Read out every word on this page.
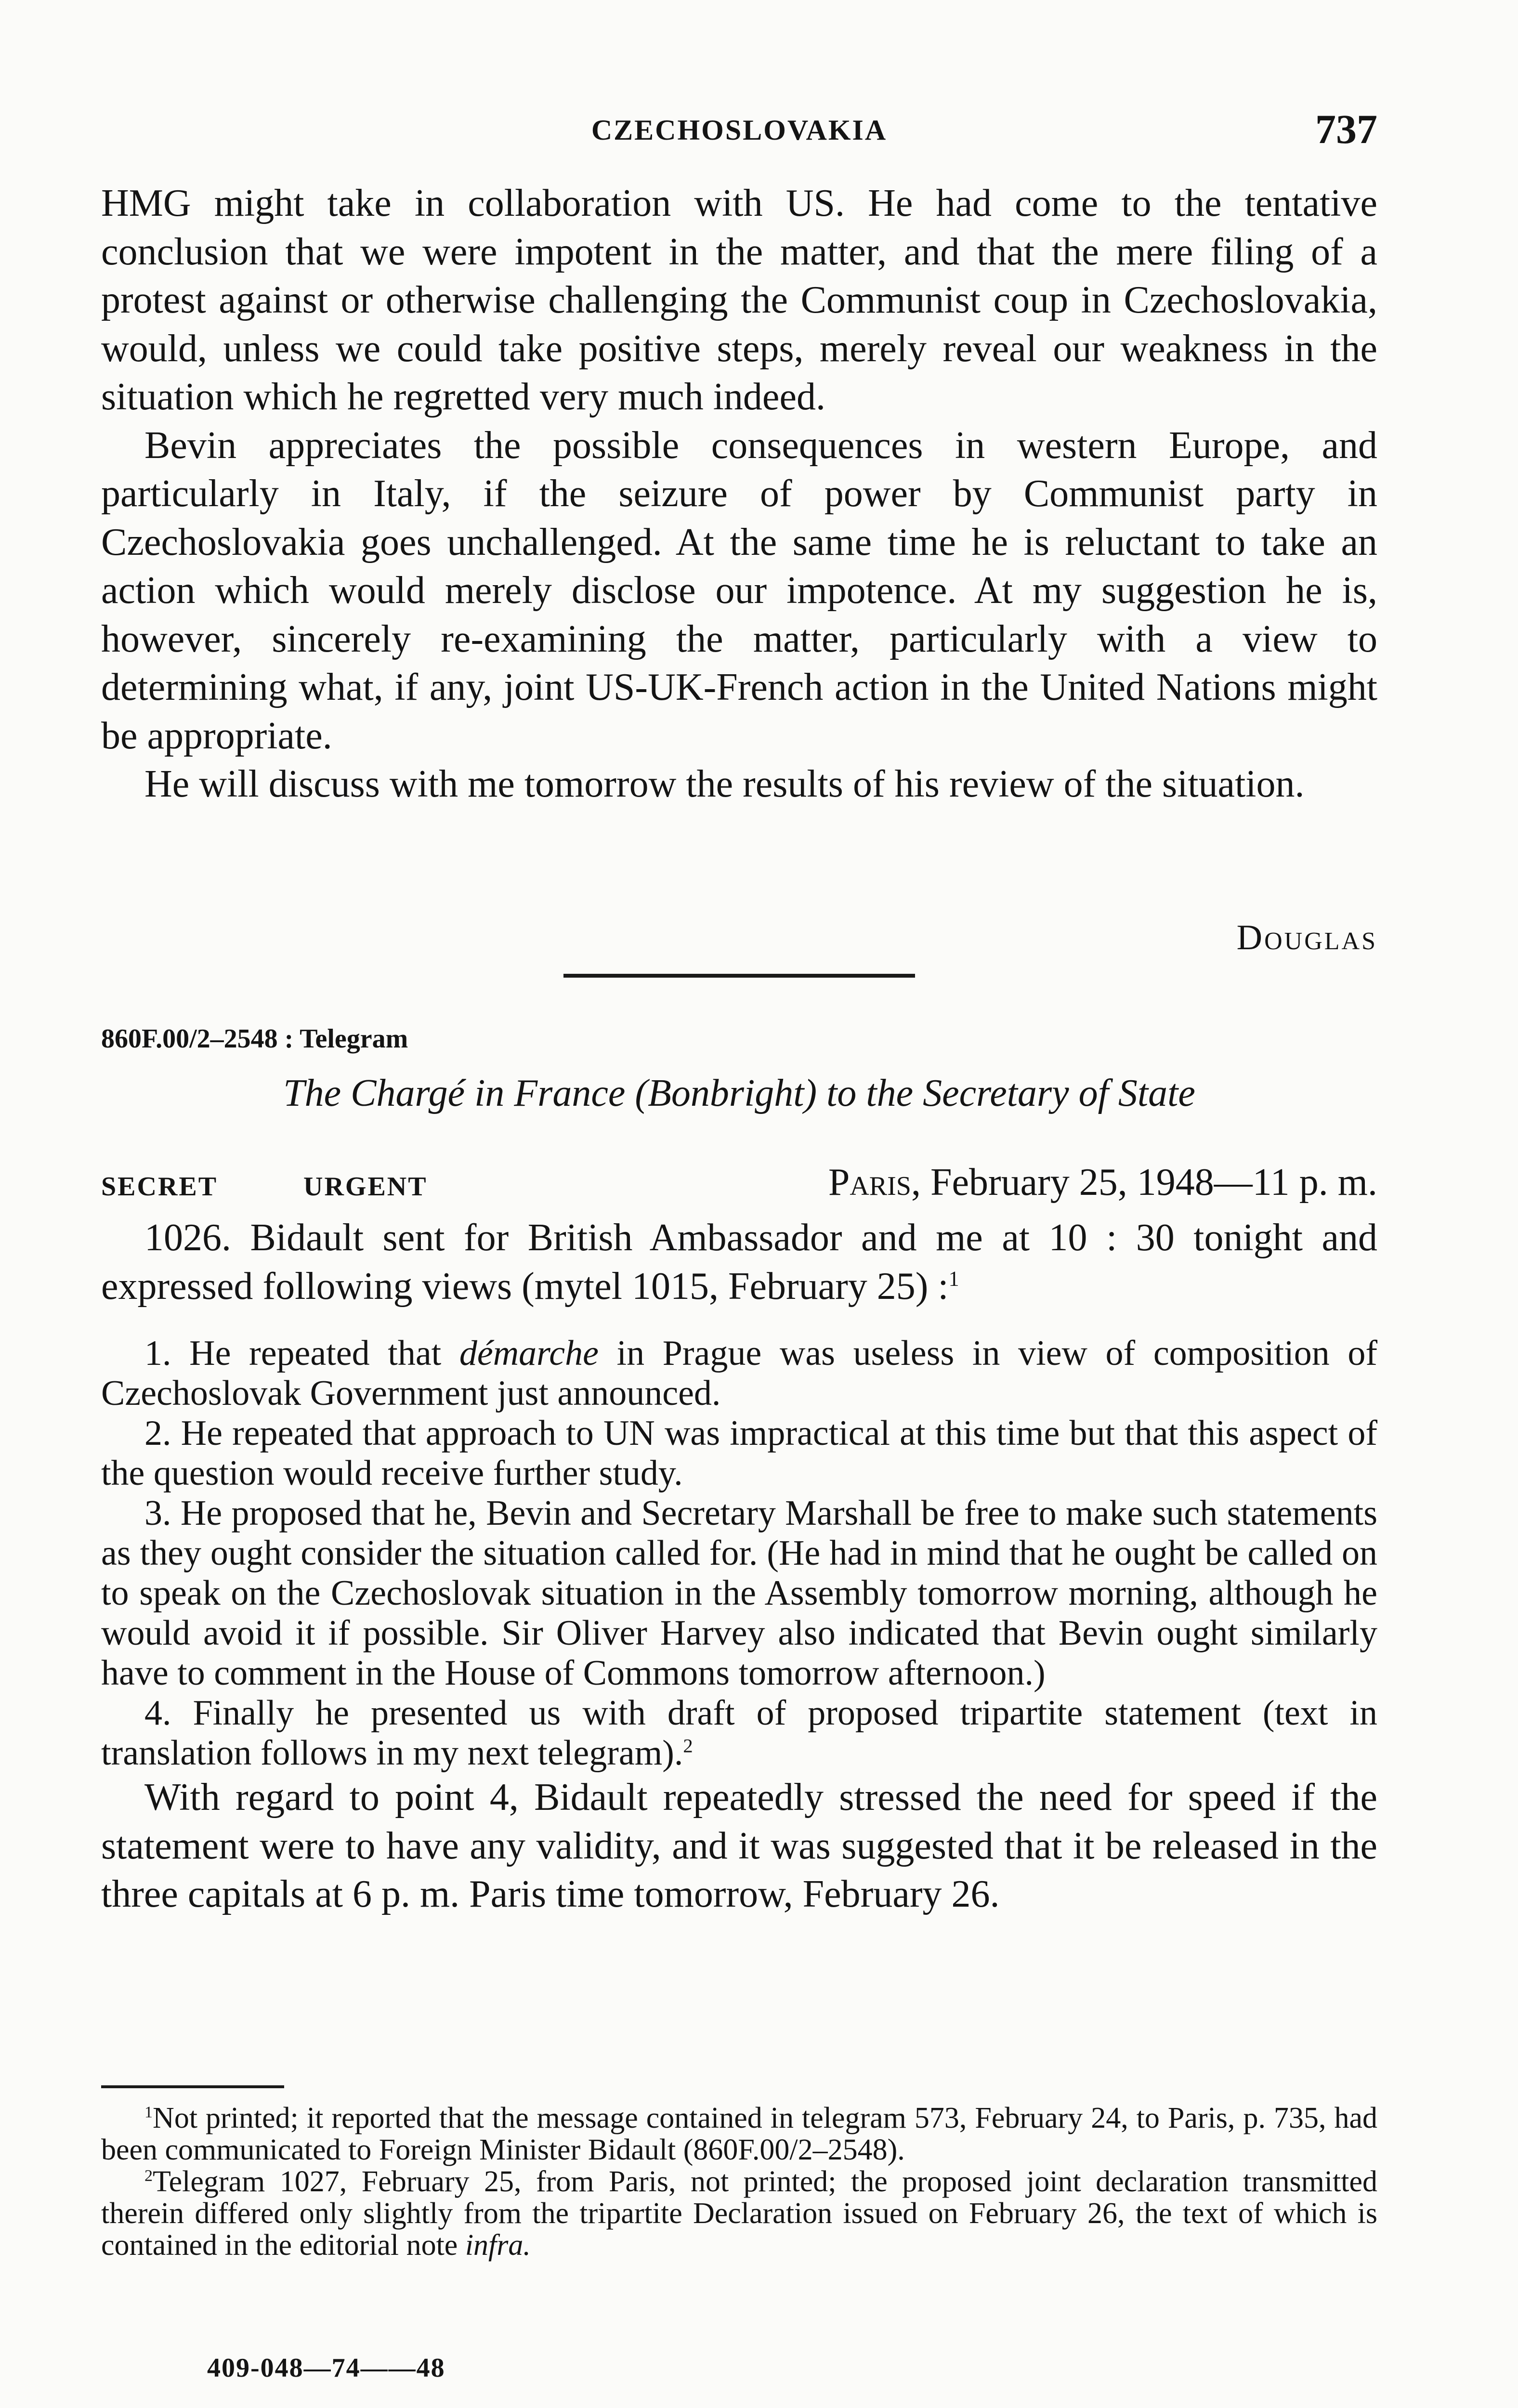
CZECHOSLOVAKIA	737

HMG might take in collaboration with US. He had come to the tentative conclusion that we were impotent in the matter, and that the mere filing of a protest against or otherwise challenging the Communist coup in Czechoslovakia, would, unless we could take positive steps, merely reveal our weakness in the situation which he regretted very much indeed.

Bevin appreciates the possible consequences in western Europe, and particularly in Italy, if the seizure of power by Communist party in Czechoslovakia goes unchallenged. At the same time he is reluctant to take an action which would merely disclose our impotence. At my suggestion he is, however, sincerely re-examining the matter, particularly with a view to determining what, if any, joint US-UK-French action in the United Nations might be appropriate.

He will discuss with me tomorrow the results of his review of the situation.

Douglas
860F.00/2–2548 : Telegram
The Chargé in France (Bonbright) to the Secretary of State
SECRET	URGENT	Paris, February 25, 1948—11 p. m.

1026. Bidault sent for British Ambassador and me at 10 : 30 tonight and expressed following views (mytel 1015, February 25) :$^1$

1. He repeated that démarche in Prague was useless in view of composition of Czechoslovak Government just announced.

2. He repeated that approach to UN was impractical at this time but that this aspect of the question would receive further study.

3. He proposed that he, Bevin and Secretary Marshall be free to make such statements as they ought consider the situation called for. (He had in mind that he ought be called on to speak on the Czechoslovak situation in the Assembly tomorrow morning, although he would avoid it if possible. Sir Oliver Harvey also indicated that Bevin ought similarly have to comment in the House of Commons tomorrow afternoon.)

4. Finally he presented us with draft of proposed tripartite statement (text in translation follows in my next telegram).$^2$

With regard to point 4, Bidault repeatedly stressed the need for speed if the statement were to have any validity, and it was suggested that it be released in the three capitals at 6 p. m. Paris time tomorrow, February 26.

$^1$Not printed; it reported that the message contained in telegram 573, February 24, to Paris, p. 735, had been communicated to Foreign Minister Bidault (860F.00/2–2548).

$^2$Telegram 1027, February 25, from Paris, not printed; the proposed joint declaration transmitted therein differed only slightly from the tripartite Declaration issued on February 26, the text of which is contained in the editorial note infra.

409-048—74——48
